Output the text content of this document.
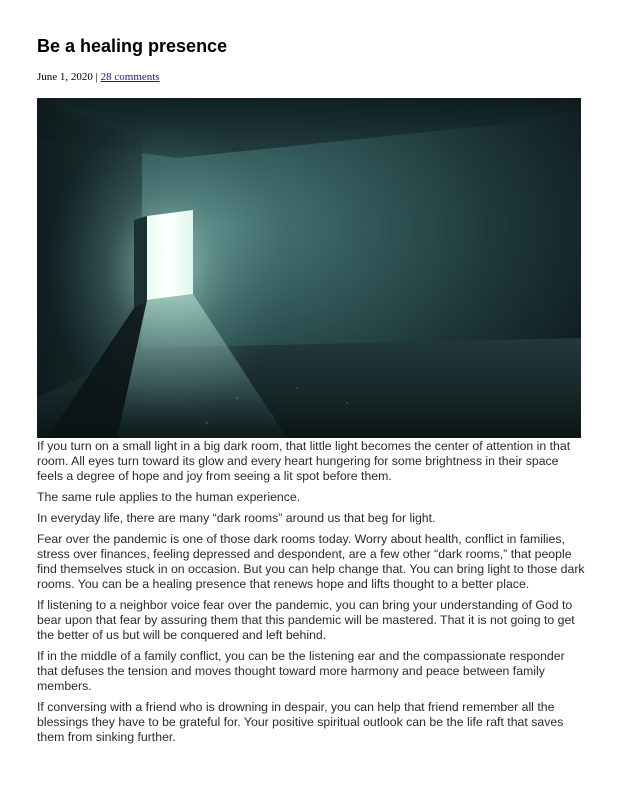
Be a healing presence
June 1, 2020 | 28 comments

If you turn on a small light in a big dark room, that little light becomes the center of attention in that room. All eyes turn toward its glow and every heart hungering for some brightness in their space feels a degree of hope and joy from seeing a lit spot before them.

The same rule applies to the human experience.

In everyday life, there are many “dark rooms” around us that beg for light.

Fear over the pandemic is one of those dark rooms today. Worry about health, conflict in families, stress over finances, feeling depressed and despondent, are a few other “dark rooms,” that people find themselves stuck in on occasion. But you can help change that. You can bring light to those dark rooms. You can be a healing presence that renews hope and lifts thought to a better place.

If listening to a neighbor voice fear over the pandemic, you can bring your understanding of God to bear upon that fear by assuring them that this pandemic will be mastered. That it is not going to get the better of us but will be conquered and left behind.

If in the middle of a family conflict, you can be the listening ear and the compassionate responder that defuses the tension and moves thought toward more harmony and peace between family members.

If conversing with a friend who is drowning in despair, you can help that friend remember all the blessings they have to be grateful for. Your positive spiritual outlook can be the life raft that saves them from sinking further.
